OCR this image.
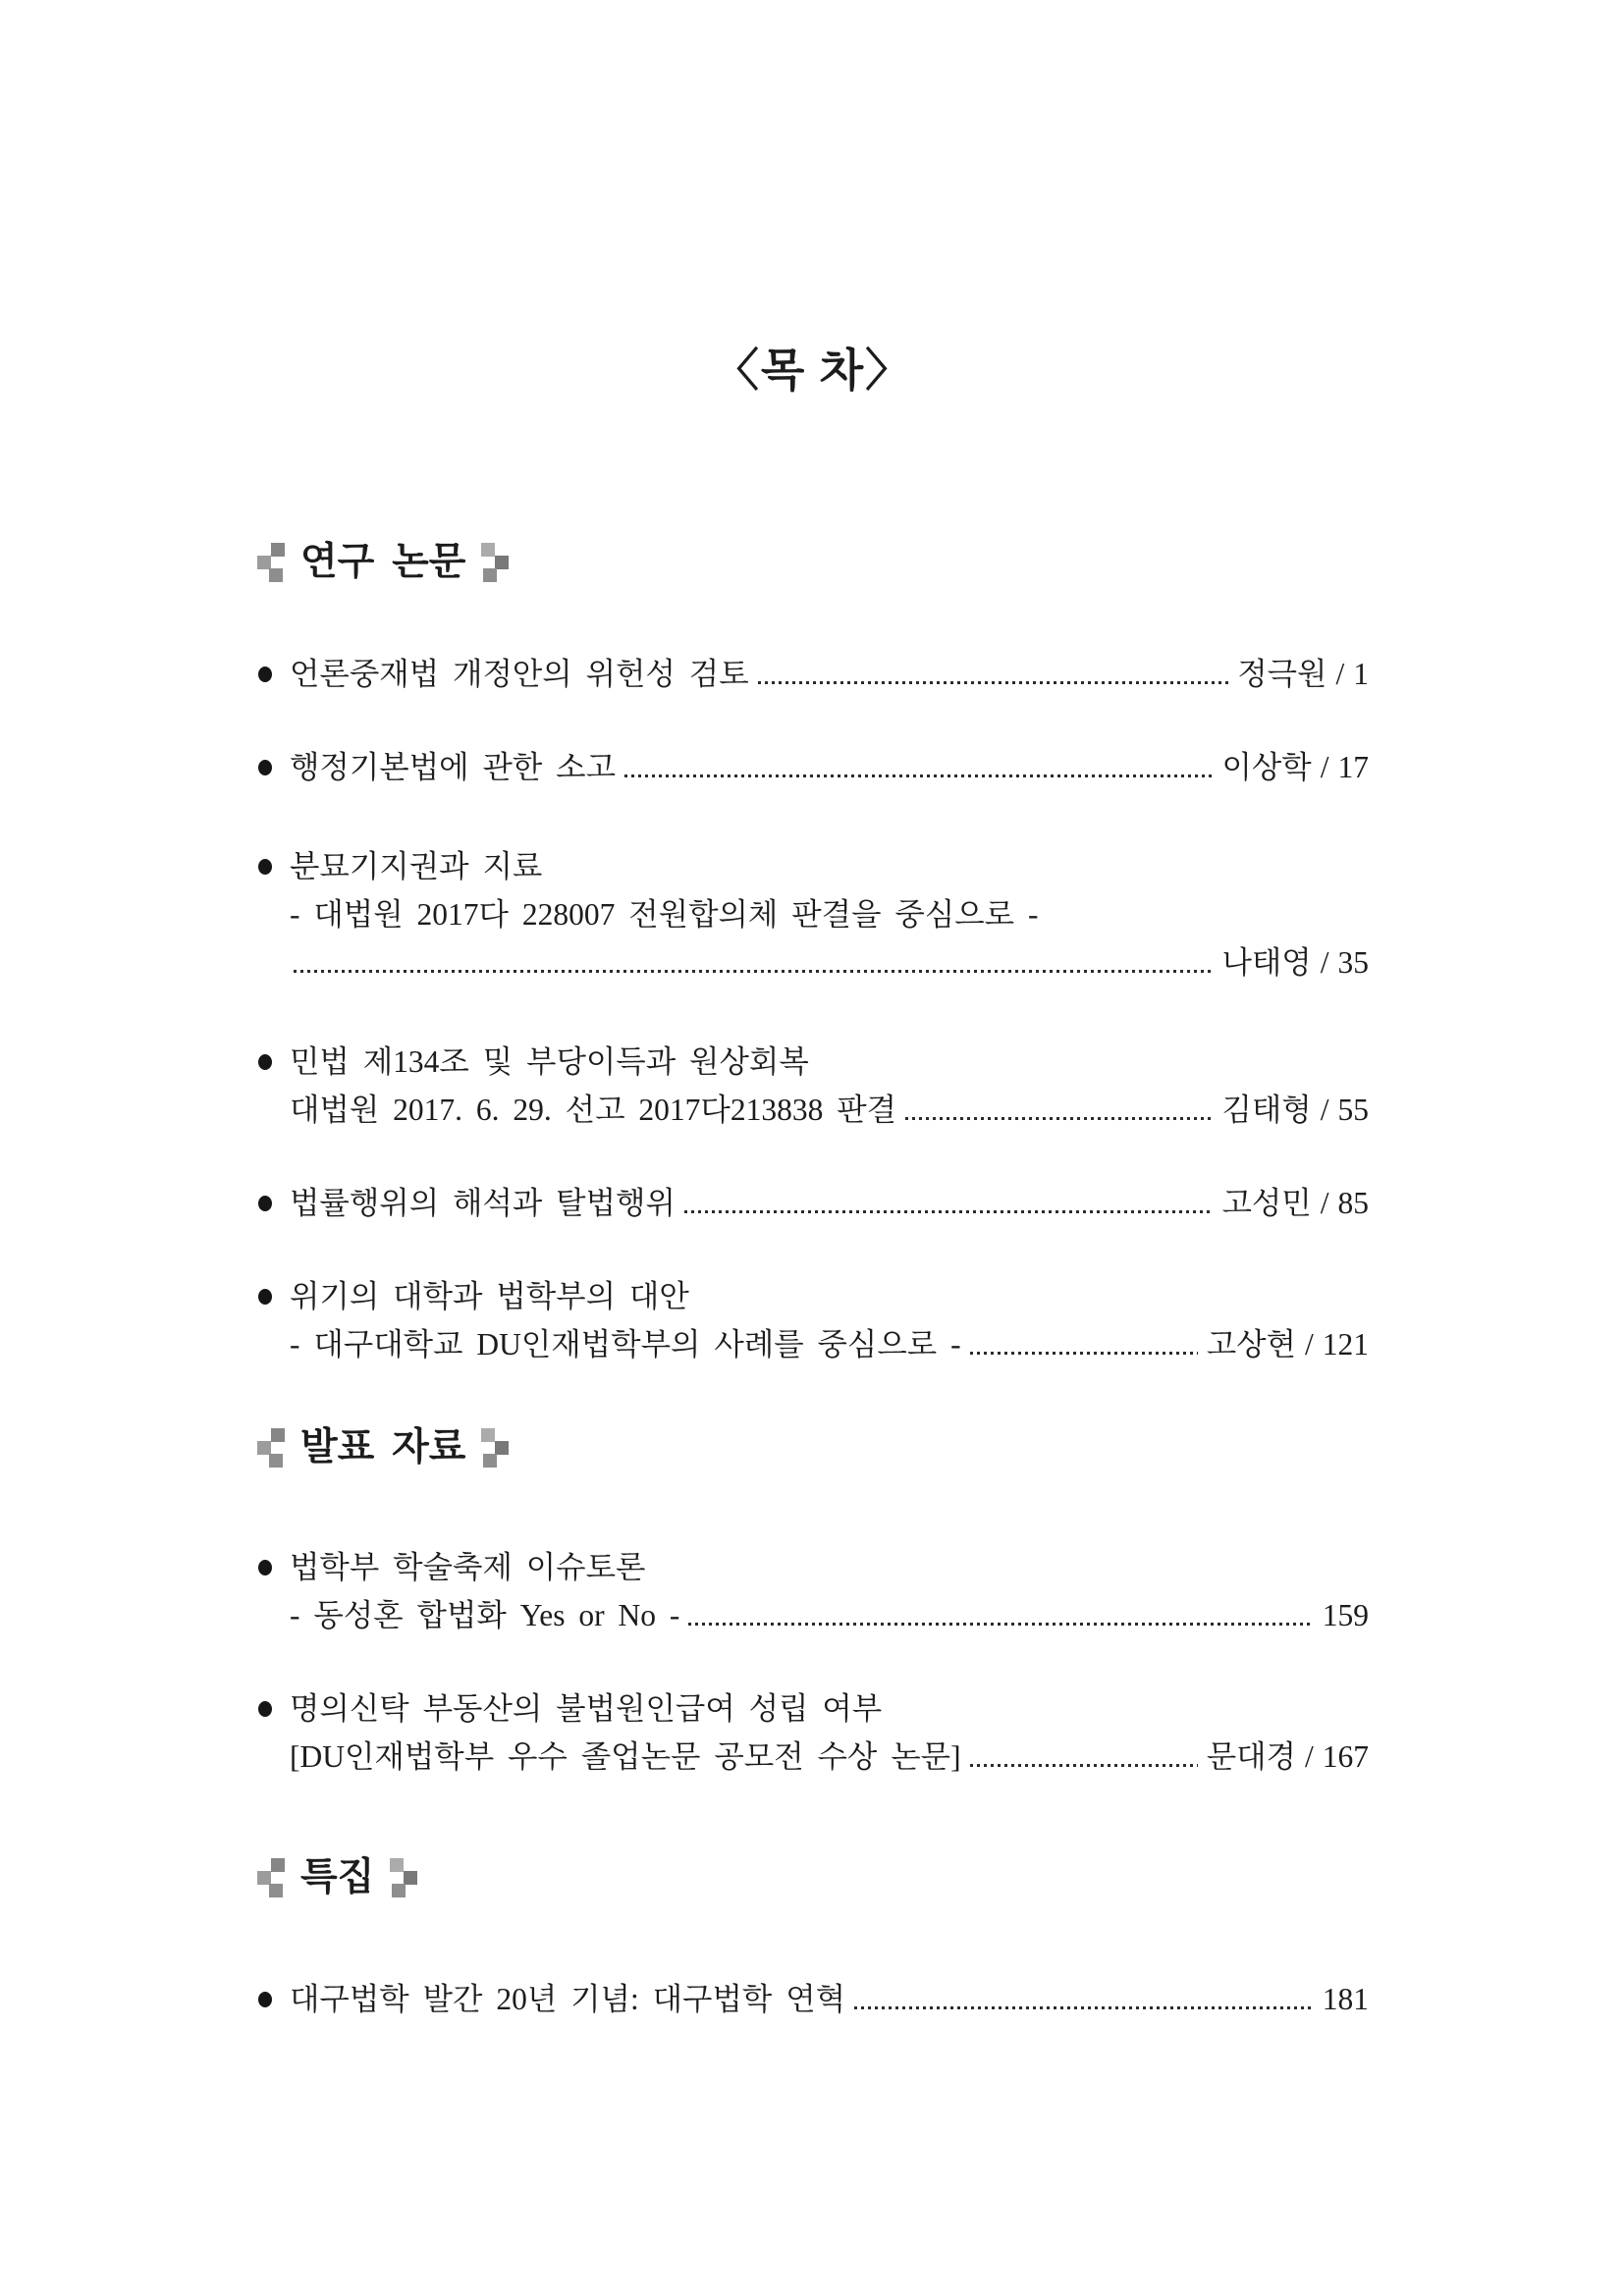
〈목 차〉
연구 논문
언론중재법 개정안의 위헌성 검토	정극원 / 1
행정기본법에 관한 소고	이상학 / 17
분묘기지권과 지료
- 대법원 2017다 228007 전원합의체 판결을 중심으로 -
나태영 / 35
민법 제134조 및 부당이득과 원상회복
대법원 2017. 6. 29. 선고 2017다213838 판결	김태형 / 55
법률행위의 해석과 탈법행위	고성민 / 85
위기의 대학과 법학부의 대안
- 대구대학교 DU인재법학부의 사례를 중심으로 -	고상현 / 121
발표 자료
법학부 학술축제 이슈토론
- 동성혼 합법화 Yes or No -	159
명의신탁 부동산의 불법원인급여 성립 여부
[DU인재법학부 우수 졸업논문 공모전 수상 논문]	문대경 / 167
특집
대구법학 발간 20년 기념: 대구법학 연혁	181
